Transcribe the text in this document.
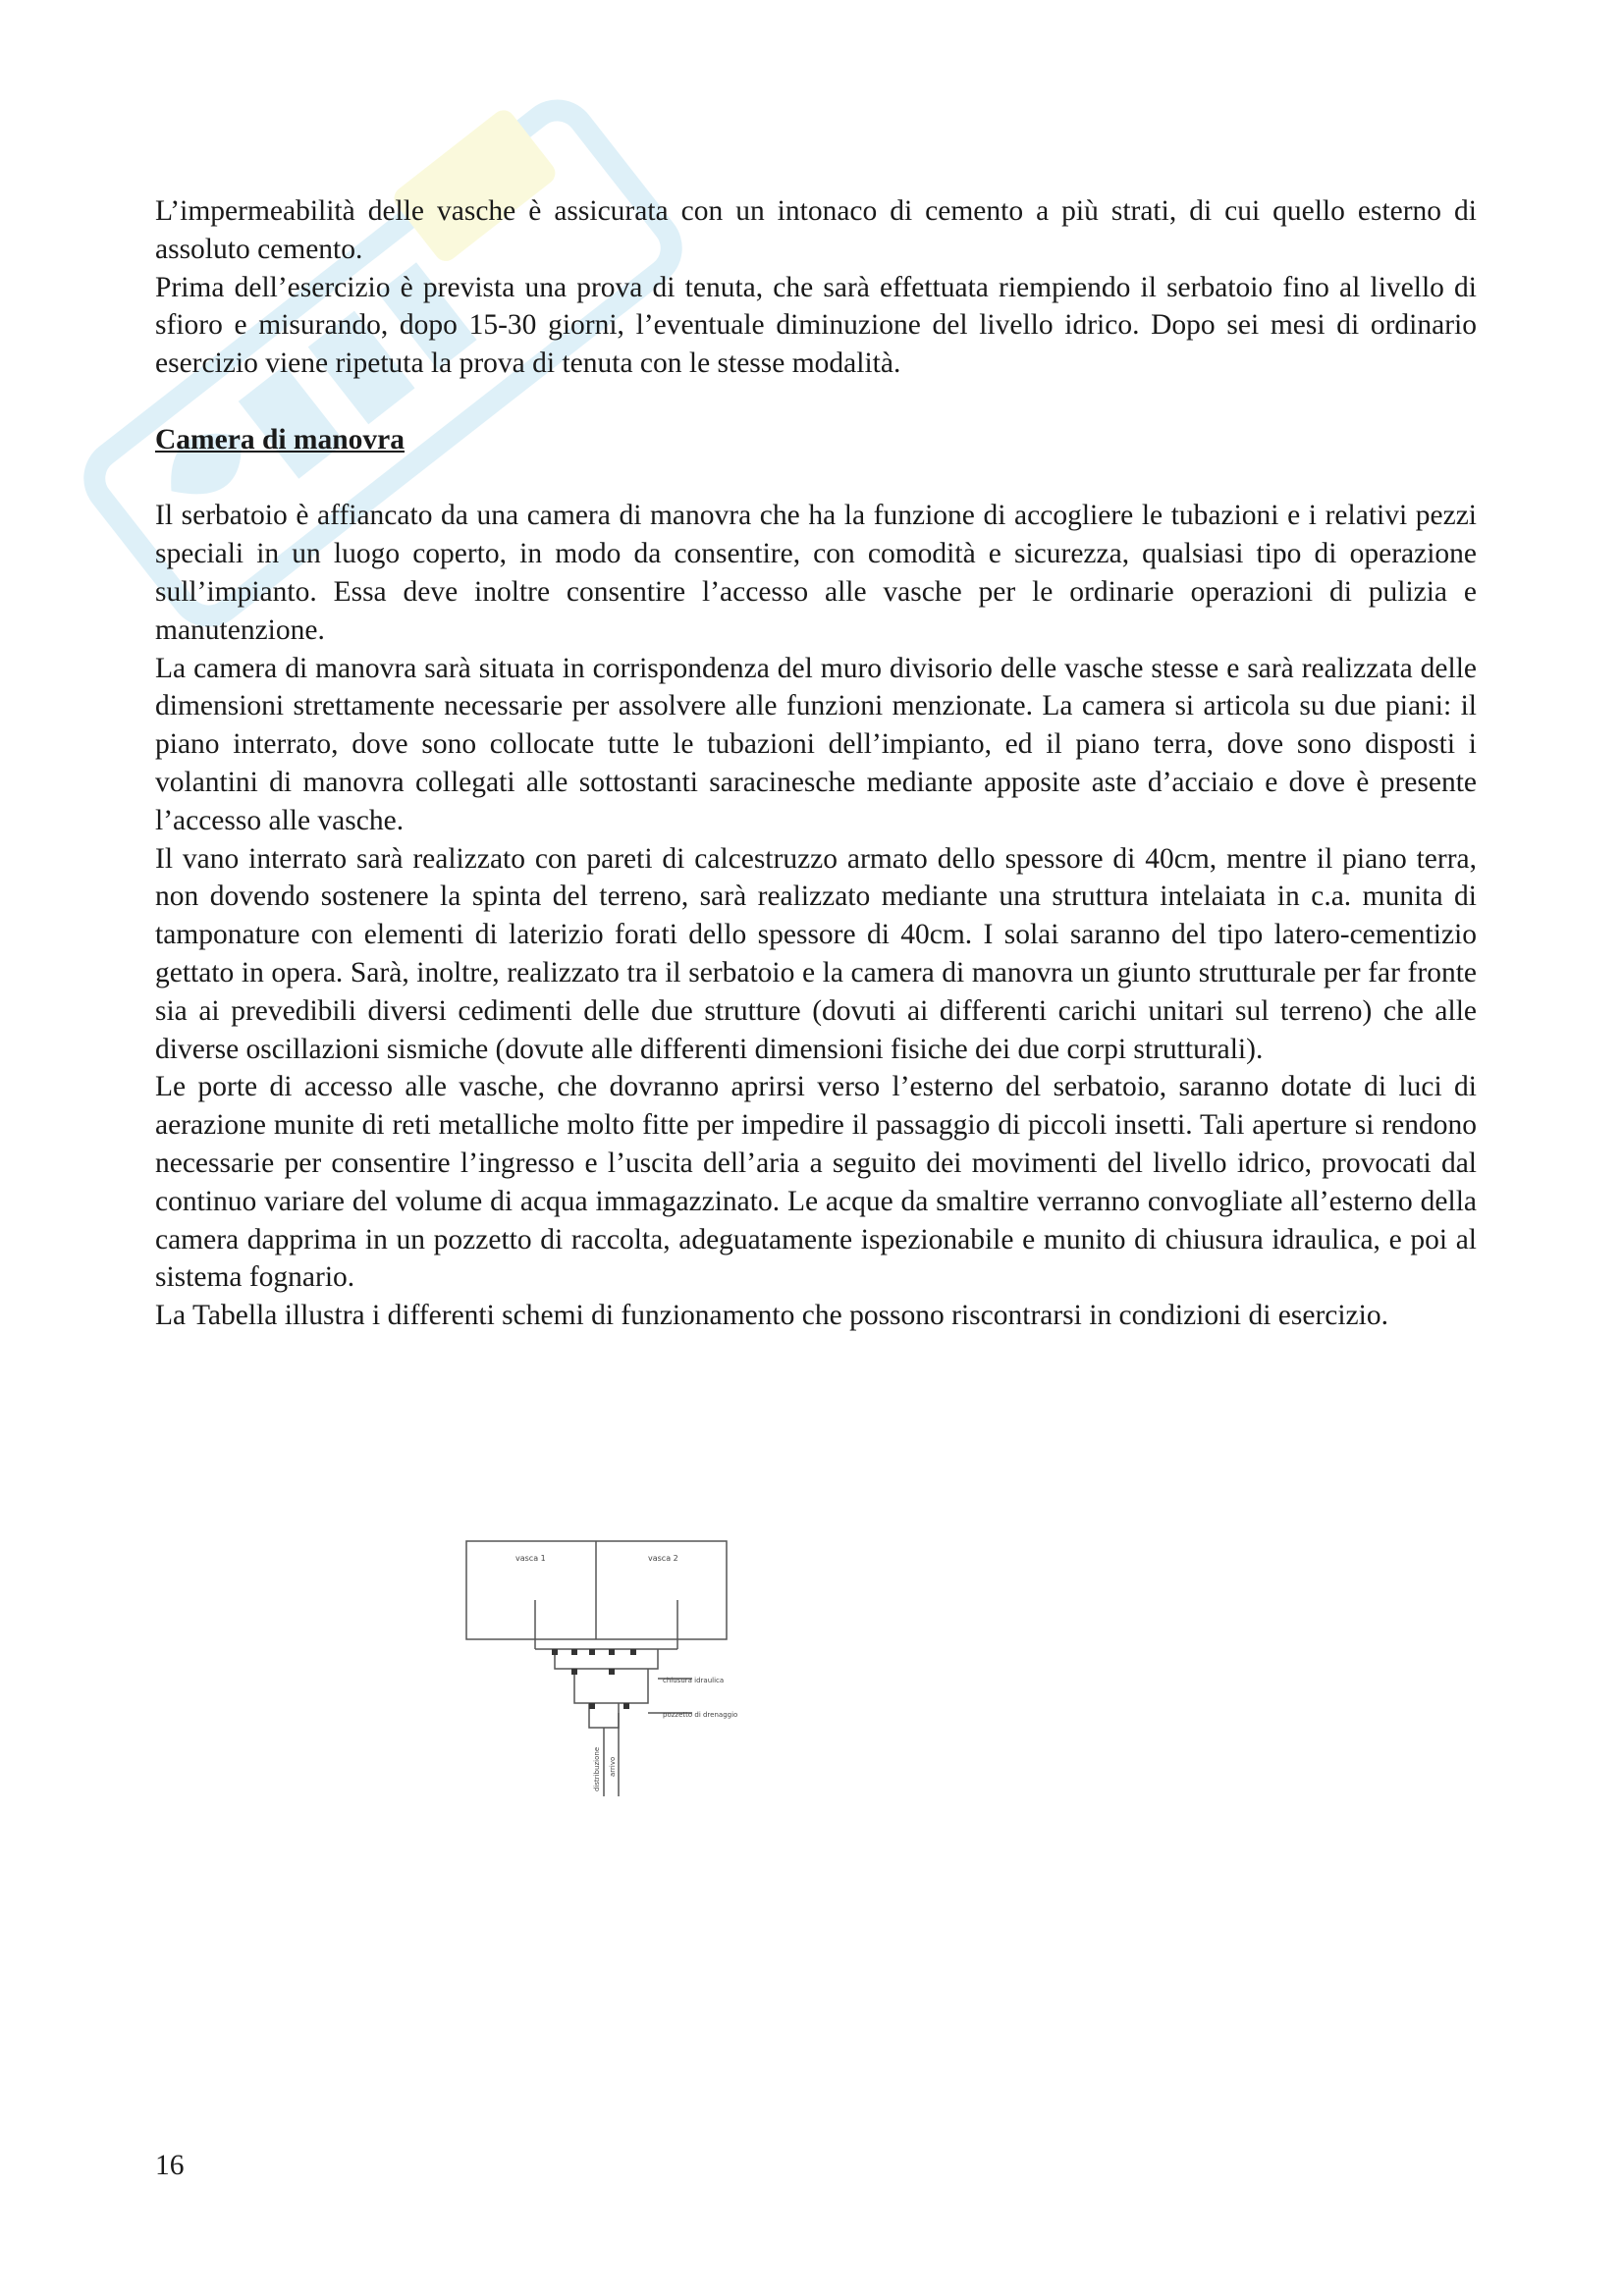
L’impermeabilità delle vasche è assicurata con un intonaco di cemento a più strati, di cui quello esterno di assoluto cemento.

Prima dell’esercizio è prevista una prova di tenuta, che sarà effettuata riempiendo il serbatoio fino al livello di sfioro e misurando, dopo 15-30 giorni, l’eventuale diminuzione del livello idrico. Dopo sei mesi di ordinario esercizio viene ripetuta la prova di tenuta con le stesse modalità.

Camera di manovra

Il serbatoio è affiancato da una camera di manovra che ha la funzione di accogliere le tubazioni e i relativi pezzi speciali in un luogo coperto, in modo da consentire, con comodità e sicurezza, qualsiasi tipo di operazione sull’impianto. Essa deve inoltre consentire l’accesso alle vasche per le ordinarie operazioni di pulizia e manutenzione.

La camera di manovra sarà situata in corrispondenza del muro divisorio delle vasche stesse e sarà realizzata delle dimensioni strettamente necessarie per assolvere alle funzioni menzionate. La camera si articola su due piani: il piano interrato, dove sono collocate tutte le tubazioni dell’impianto, ed il piano terra, dove sono disposti i volantini di manovra collegati alle sottostanti saracinesche mediante apposite aste d’acciaio e dove è presente l’accesso alle vasche.

Il vano interrato sarà realizzato con pareti di calcestruzzo armato dello spessore di 40cm, mentre il piano terra, non dovendo sostenere la spinta del terreno, sarà realizzato mediante una struttura intelaiata in c.a. munita di tamponature con elementi di laterizio forati dello spessore di 40cm. I solai saranno del tipo latero-cementizio gettato in opera. Sarà, inoltre, realizzato tra il serbatoio e la camera di manovra un giunto strutturale per far fronte sia ai prevedibili diversi cedimenti delle due strutture (dovuti ai differenti carichi unitari sul terreno) che alle diverse oscillazioni sismiche (dovute alle differenti dimensioni fisiche dei due corpi strutturali).

Le porte di accesso alle vasche, che dovranno aprirsi verso l’esterno del serbatoio, saranno dotate di luci di aerazione munite di reti metalliche molto fitte per impedire il passaggio di piccoli insetti. Tali aperture si rendono necessarie per consentire l’ingresso e l’uscita dell’aria a seguito dei movimenti del livello idrico, provocati dal continuo variare del volume di acqua immagazzinato. Le acque da smaltire verranno convogliate all’esterno della camera dapprima in un pozzetto di raccolta, adeguatamente ispezionabile e munito di chiusura idraulica, e poi al sistema fognario.

La Tabella illustra i differenti schemi di funzionamento che possono riscontrarsi in condizioni di esercizio.

vasca 1	vasca 2
chiusura idraulica
pozzetto di drenaggio
distribuzione arrivo
16
